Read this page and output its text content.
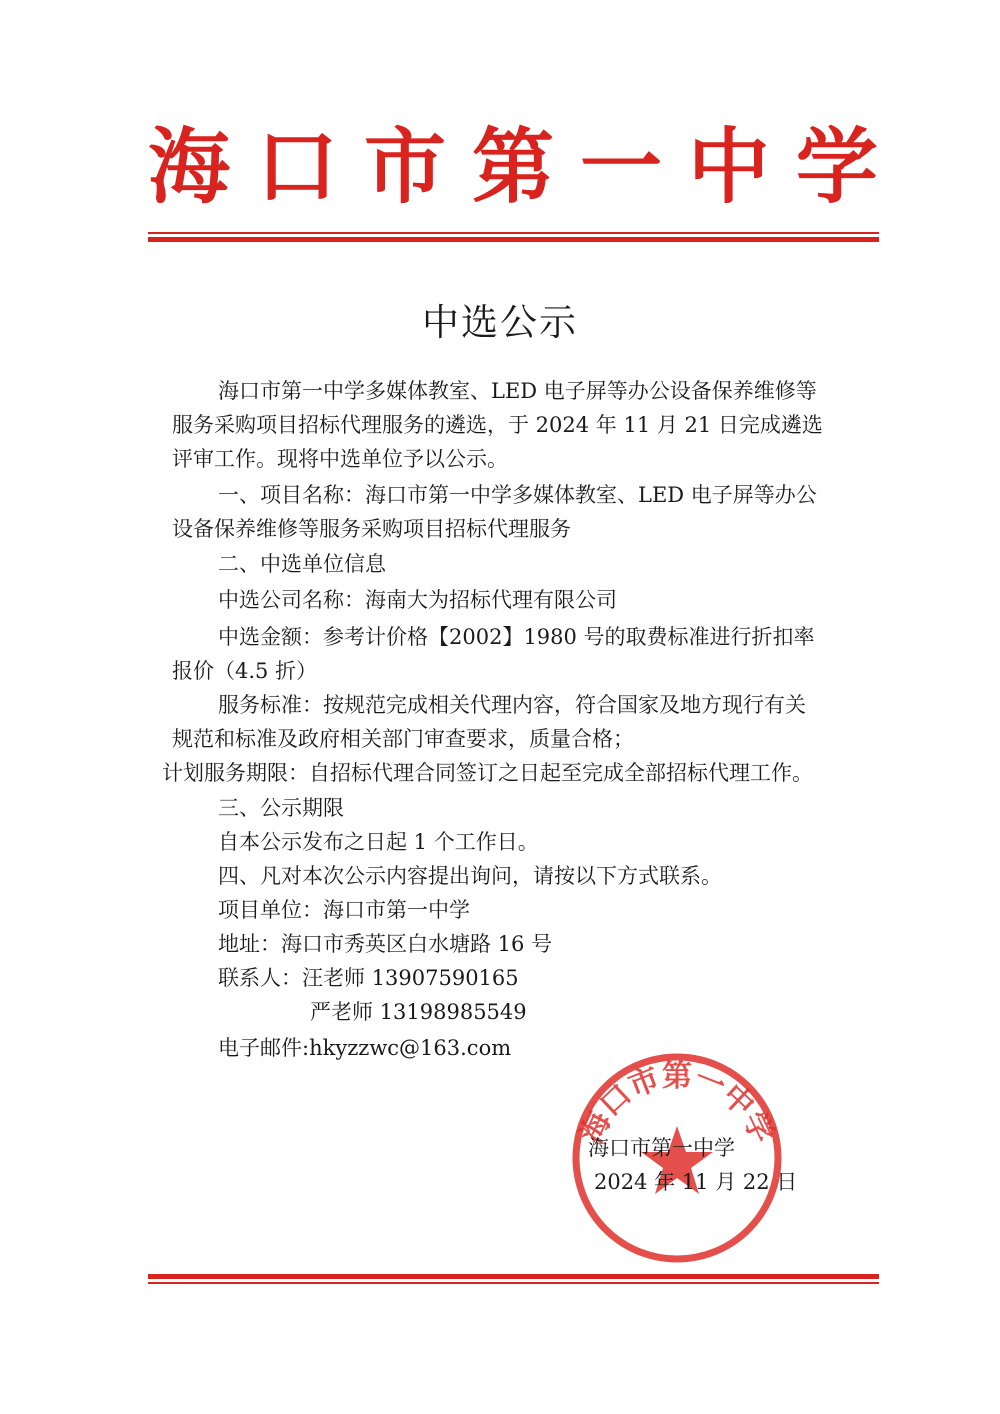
海 口 市 第 一 中 学
中选公示
海口市第一中学多媒体教室、LED 电子屏等办公设备保养维修等
服务采购项目招标代理服务的遴选，于 2024 年 11 月 21 日完成遴选
评审工作。现将中选单位予以公示。
一、项目名称：海口市第一中学多媒体教室、LED 电子屏等办公
设备保养维修等服务采购项目招标代理服务
二、中选单位信息
中选公司名称：海南大为招标代理有限公司
中选金额：参考计价格【2002】1980 号的取费标准进行折扣率
报价（4.5 折）
服务标准：按规范完成相关代理内容，符合国家及地方现行有关
规范和标准及政府相关部门审查要求，质量合格；
计划服务期限：自招标代理合同签订之日起至完成全部招标代理工作。
三、公示期限
自本公示发布之日起 1 个工作日。
四、凡对本次公示内容提出询问，请按以下方式联系。
项目单位：海口市第一中学
地址：海口市秀英区白水塘路 16 号
联系人：汪老师 13907590165
严老师 13198985549
电子邮件:hkyzzwc@163.com
海口市第一中学
海口市第一中学
2024 年 11 月 22 日
